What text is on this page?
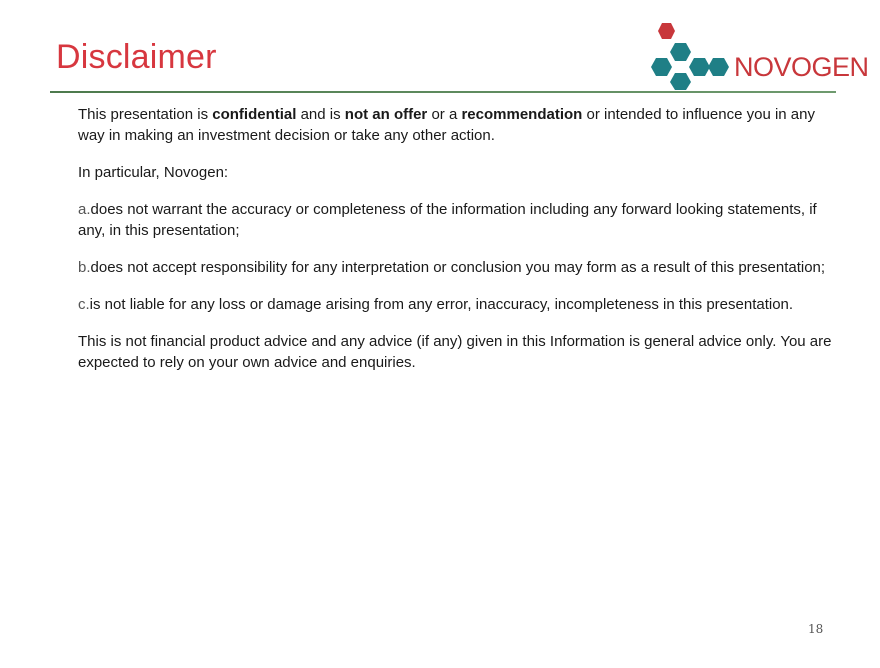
Disclaimer	NOVOGEN

This presentation is confidential and is not an offer or a recommendation or intended to influence you in any way in making an investment decision or take any other action.

In particular, Novogen:

a.does not warrant the accuracy or completeness of the information including any forward looking statements, if any, in this presentation;

b.does not accept responsibility for any interpretation or conclusion you may form as a result of this presentation;

c.is not liable for any loss or damage arising from any error, inaccuracy, incompleteness in this presentation.

This is not financial product advice and any advice (if any) given in this Information is general advice only. You are expected to rely on your own advice and enquiries.

18
